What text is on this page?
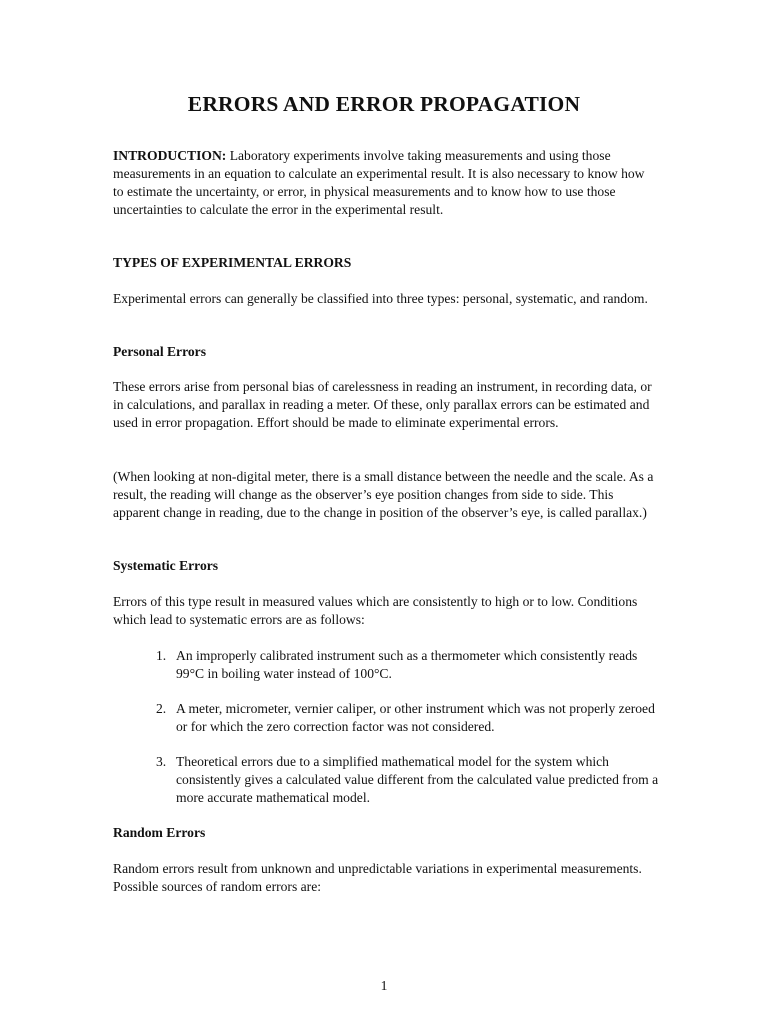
ERRORS AND ERROR PROPAGATION
INTRODUCTION: Laboratory experiments involve taking measurements and using those measurements in an equation to calculate an experimental result. It is also necessary to know how to estimate the uncertainty, or error, in physical measurements and to know how to use those uncertainties to calculate the error in the experimental result.
TYPES OF EXPERIMENTAL ERRORS
Experimental errors can generally be classified into three types: personal, systematic, and random.
Personal Errors
These errors arise from personal bias of carelessness in reading an instrument, in recording data, or in calculations, and parallax in reading a meter. Of these, only parallax errors can be estimated and used in error propagation. Effort should be made to eliminate experimental errors.
(When looking at non-digital meter, there is a small distance between the needle and the scale. As a result, the reading will change as the observer’s eye position changes from side to side. This apparent change in reading, due to the change in position of the observer’s eye, is called parallax.)
Systematic Errors
Errors of this type result in measured values which are consistently to high or to low. Conditions which lead to systematic errors are as follows:
1. An improperly calibrated instrument such as a thermometer which consistently reads 99°C in boiling water instead of 100°C.
2. A meter, micrometer, vernier caliper, or other instrument which was not properly zeroed or for which the zero correction factor was not considered.
3. Theoretical errors due to a simplified mathematical model for the system which consistently gives a calculated value different from the calculated value predicted from a more accurate mathematical model.
Random Errors
Random errors result from unknown and unpredictable variations in experimental measurements. Possible sources of random errors are:
1
